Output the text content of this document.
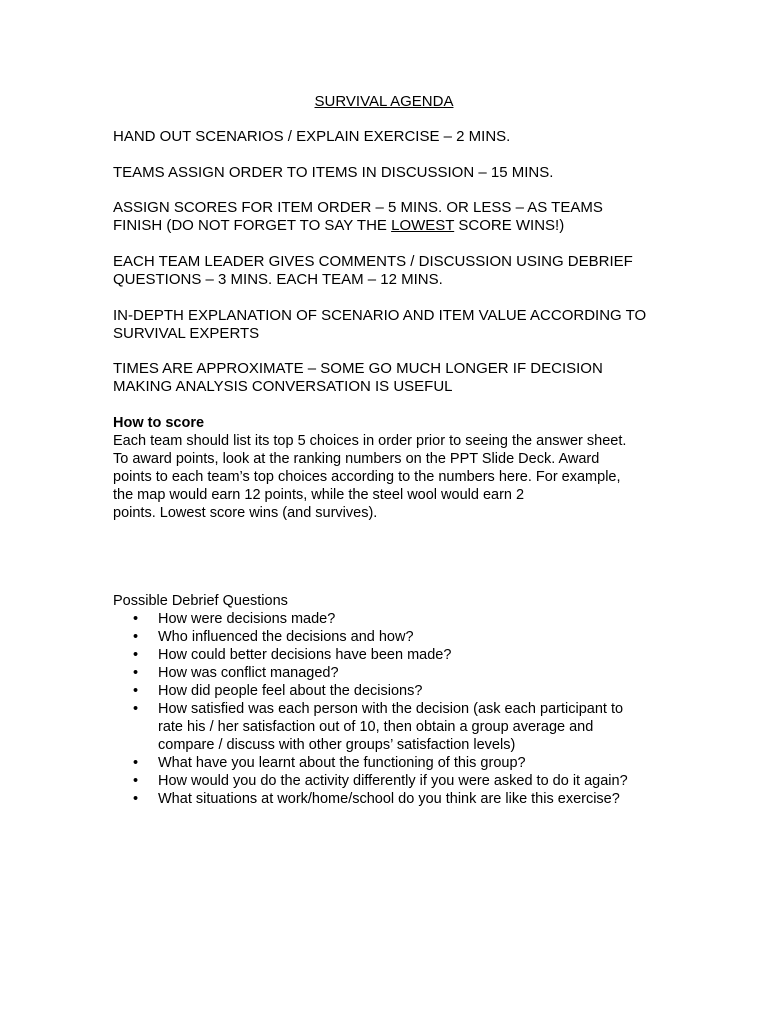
SURVIVAL AGENDA
HAND OUT SCENARIOS / EXPLAIN EXERCISE – 2 MINS.
TEAMS ASSIGN ORDER TO ITEMS IN DISCUSSION – 15 MINS.
ASSIGN SCORES FOR ITEM ORDER – 5 MINS. OR LESS – AS TEAMS
FINISH (DO NOT FORGET TO SAY THE LOWEST SCORE WINS!)
EACH TEAM LEADER GIVES COMMENTS / DISCUSSION USING DEBRIEF
QUESTIONS – 3 MINS. EACH TEAM – 12 MINS.
IN-DEPTH EXPLANATION OF SCENARIO AND ITEM VALUE ACCORDING TO
SURVIVAL EXPERTS
TIMES ARE APPROXIMATE – SOME GO MUCH LONGER IF DECISION
MAKING ANALYSIS CONVERSATION IS USEFUL
How to score
Each team should list its top 5 choices in order prior to seeing the answer sheet.
To award points, look at the ranking numbers on the PPT Slide Deck. Award
points to each team’s top choices according to the numbers here. For example,
the map would earn 12 points, while the steel wool would earn 2
points. Lowest score wins (and survives).
Possible Debrief Questions
• How were decisions made?
• Who influenced the decisions and how?
• How could better decisions have been made?
• How was conflict managed?
• How did people feel about the decisions?
• How satisfied was each person with the decision (ask each participant to
rate his / her satisfaction out of 10, then obtain a group average and
compare / discuss with other groups’ satisfaction levels)
• What have you learnt about the functioning of this group?
• How would you do the activity differently if you were asked to do it again?
• What situations at work/home/school do you think are like this exercise?
